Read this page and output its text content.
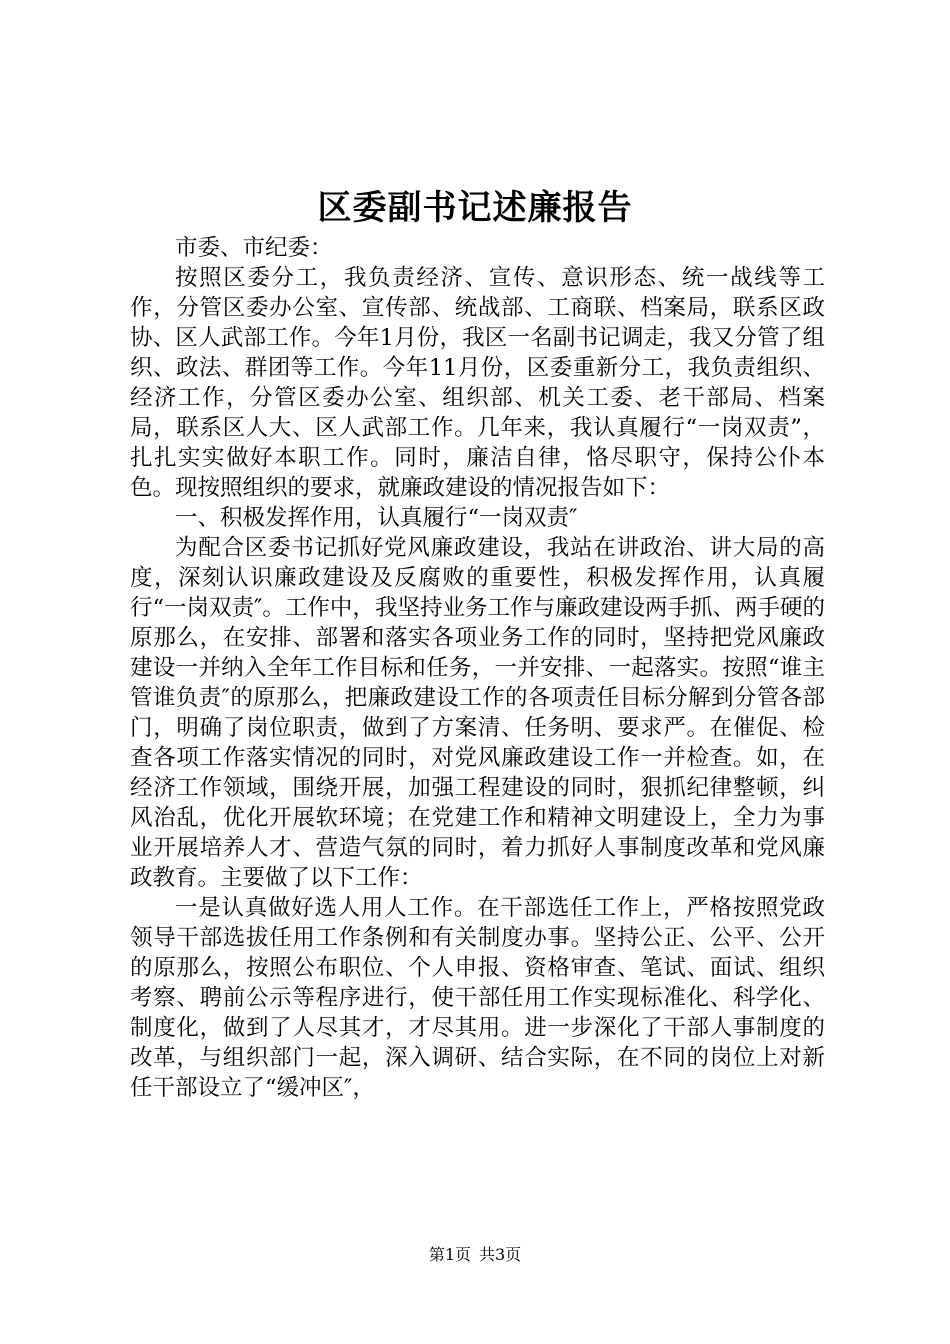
区委副书记述廉报告

市委、市纪委：

按照区委分工，我负责经济、宣传、意识形态、统一战线等工作，分管区委办公室、宣传部、统战部、工商联、档案局，联系区政协、区人武部工作。今年1月份，我区一名副书记调走，我又分管了组织、政法、群团等工作。今年11月份，区委重新分工，我负责组织、经济工作，分管区委办公室、组织部、机关工委、老干部局、档案局，联系区人大、区人武部工作。几年来，我认真履行“一岗双责”，扎扎实实做好本职工作。同时，廉洁自律，恪尽职守，保持公仆本色。现按照组织的要求，就廉政建设的情况报告如下：

一、积极发挥作用，认真履行“一岗双责″

为配合区委书记抓好党风廉政建设，我站在讲政治、讲大局的高度，深刻认识廉政建设及反腐败的重要性，积极发挥作用，认真履行“一岗双责″。工作中，我坚持业务工作与廉政建设两手抓、两手硬的原那么，在安排、部署和落实各项业务工作的同时，坚持把党风廉政建设一并纳入全年工作目标和任务，一并安排、一起落实。按照“谁主管谁负责″的原那么，把廉政建设工作的各项责任目标分解到分管各部门，明确了岗位职责，做到了方案清、任务明、要求严。在催促、检查各项工作落实情况的同时，对党风廉政建设工作一并检查。如，在经济工作领域，围绕开展，加强工程建设的同时，狠抓纪律整顿，纠风治乱，优化开展软环境；在党建工作和精神文明建设上，全力为事业开展培养人才、营造气氛的同时，着力抓好人事制度改革和党风廉政教育。主要做了以下工作：

一是认真做好选人用人工作。在干部选任工作上，严格按照党政领导干部选拔任用工作条例和有关制度办事。坚持公正、公平、公开的原那么，按照公布职位、个人申报、资格审查、笔试、面试、组织考察、聘前公示等程序进行，使干部任用工作实现标准化、科学化、制度化，做到了人尽其才，才尽其用。进一步深化了干部人事制度的改革，与组织部门一起，深入调研、结合实际，在不同的岗位上对新任干部设立了“缓冲区″，

第1页 共3页
